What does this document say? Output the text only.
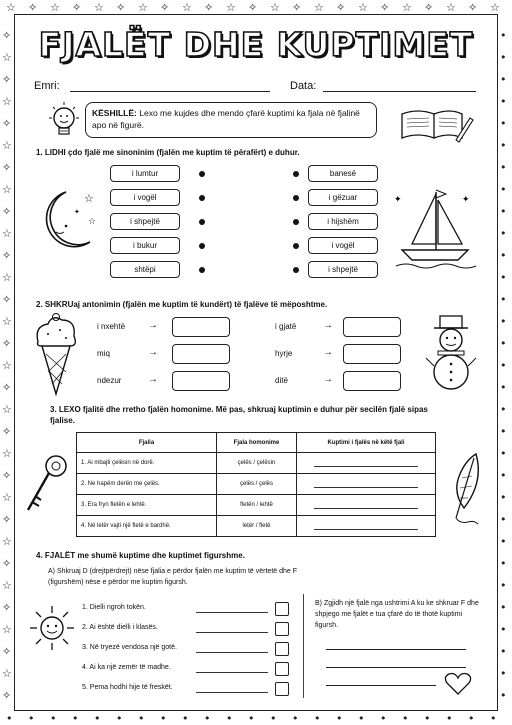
☆
•
✧
•
☆
•
✧
•
☆
•
✧
•
☆
•
✧
•
☆
•
✧
•
☆
•
✧
•
☆
•
✧
•
☆
•
✧
•
☆
•
✧
•
☆
•
✧
•
☆
•
✧
•
☆
•
✧	•
☆	•
✧	•
☆	•
✧	•
☆	•
✧	•
☆	•
✧	•
☆	•
✧	•
☆	•
✧	•
☆	•
✧	•
☆	•
✧	•
☆	•
✧	•
☆	•
✧	•
☆	•
✧	•
☆	•
✧	•
☆	•
✧	•
☆	•
✧	•
☆	•
✧	•
FJALËT DHE KUPTIMET
Emri:	Data:
KËSHILLË: Lexo me kujdes dhe mendo çfarë kuptimi ka fjala në fjalinë apo në figurë.
1. LIDHI çdo fjalë me sinoninim (fjalën me kuptim të përafërt) e duhur.
i lumtur
i vogël
i shpejtë
i bukur
shtëpi
banesë
i gëzuar
i hijshëm
i vogël
i shpejtë
☆
☆
✦
✦	✦
2. SHKRUaj antonimin (fjalën me kuptim të kundërt) të fjalëve të mëposhtme.
i nxehtë →
miq	→
ndezur	→
i gjatë	→
hyrje	→
ditë	→
3. LEXO fjalitë dhe rretho fjalën homonime. Më pas, shkruaj kuptimin e duhur për secilën fjalë sipas fjalise.
Fjalia	Fjala homonime	Kuptimi i fjalës në këtë fjali
1. Ai mbajti çelësin në dorë.	çelës / çelësin	
2. Ne hapëm derën me çelës.	çelës / çelës	
3. Era fryn fletën e lehtë.	fletën / lehtë	
4. Në letër vajti një fletë e bardhë.	letër / fletë	
4. FJALËT me shumë kuptime dhe kuptimet figurshme.
A) Shkruaj D (drejtpërdrejt) nëse fjalia e përdor fjalën me kuptim të vërtetë dhe F (figurshëm) nëse e përdor me kuptim figursh.
1. Dielli ngroh tokën.
2. Ai është dielli i klasës.
3. Në tryezë vendosa një gotë.
4. Ai ka një zemër të madhe.
5. Pema hodhi hije të freskët.
B) Zgjidh një fjalë nga ushtrimi A ku ke shkruar F dhe shpjego me fjalët e tua çfarë do të thotë kuptimi figursh.
